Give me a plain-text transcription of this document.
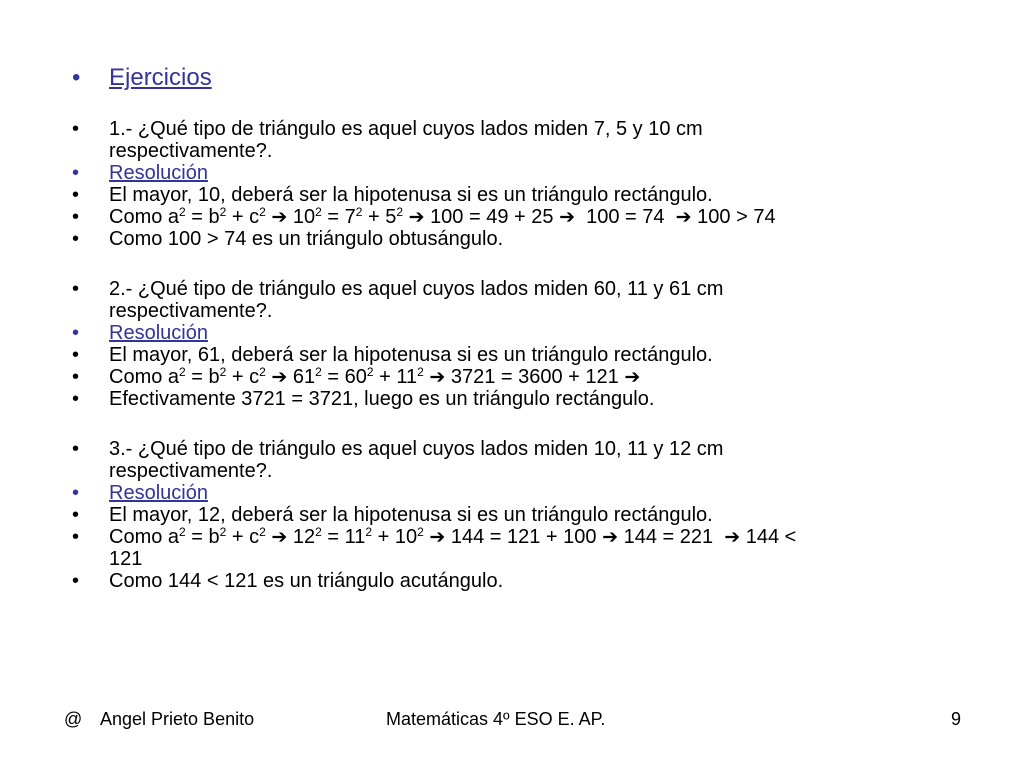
•	Ejercicios
•	1.- ¿Qué tipo de triángulo es aquel cuyos lados miden 7, 5 y 10 cm
respectivamente?.
•	Resolución
•	El mayor, 10, deberá ser la hipotenusa si es un triángulo rectángulo.
•	Como $a^2 = b^2 + c^2$ ➔ $10^2 = 7^2 + 5^2$ ➔ 100 = 49 + 25 ➔ 100 = 74 ➔ 100 > 74
•	Como 100 > 74 es un triángulo obtusángulo.
•	2.- ¿Qué tipo de triángulo es aquel cuyos lados miden 60, 11 y 61 cm
respectivamente?.
•	Resolución
•	El mayor, 61, deberá ser la hipotenusa si es un triángulo rectángulo.
•	Como $a^2 = b^2 + c^2$ ➔ $61^2 = 60^2 + 11^2$ ➔ 3721 = 3600 + 121 ➔
•	Efectivamente 3721 = 3721, luego es un triángulo rectángulo.
•	3.- ¿Qué tipo de triángulo es aquel cuyos lados miden 10, 11 y 12 cm
respectivamente?.
•	Resolución
•	El mayor, 12, deberá ser la hipotenusa si es un triángulo rectángulo.
•	Como $a^2 = b^2 + c^2$ ➔ $12^2 = 11^2 + 10^2$ ➔ 144 = 121 + 100 ➔ 144 = 221 ➔ 144 <
121
•	Como 144 < 121 es un triángulo acutángulo.
@ Angel Prieto Benito	Matemáticas 4º ESO E. AP.	9
